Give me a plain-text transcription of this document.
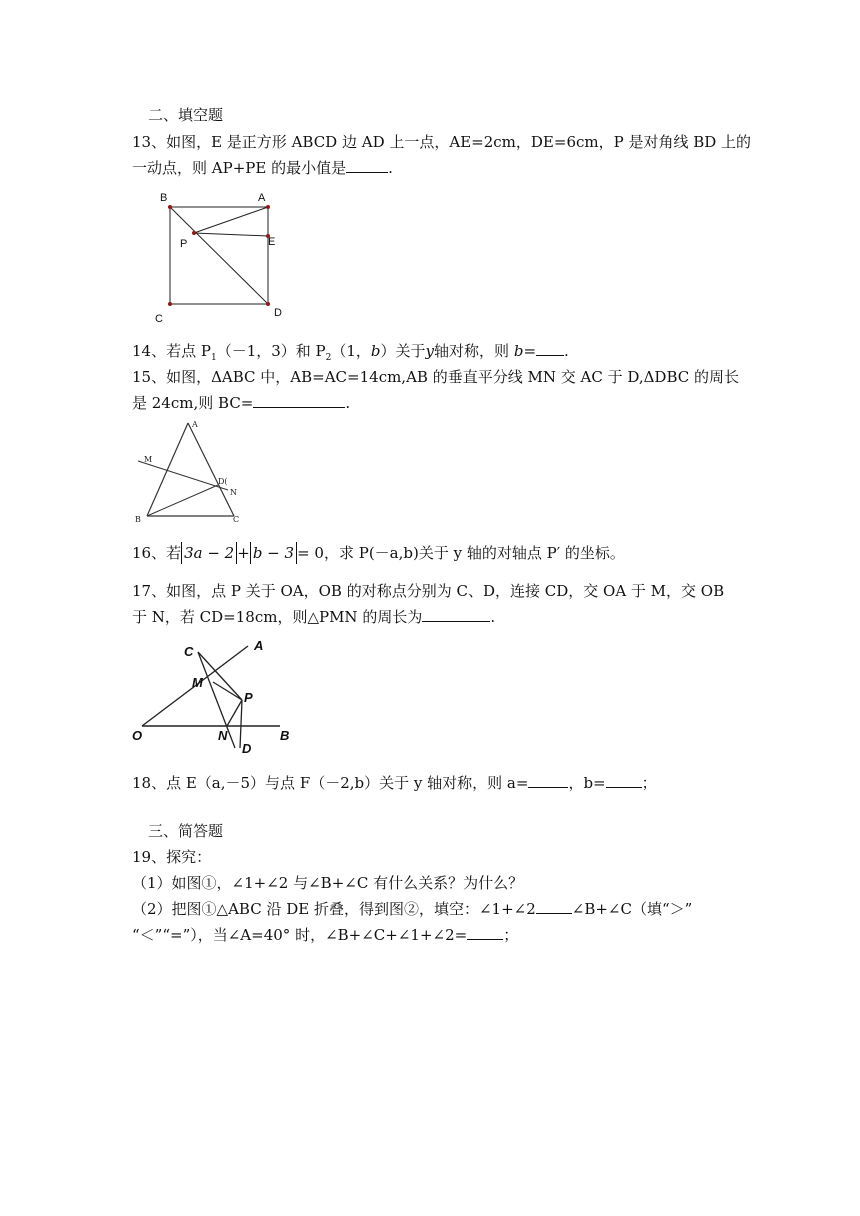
二、填空题
13、如图，E 是正方形 ABCD 边 AD 上一点，AE=2cm，DE=6cm，P 是对角线 BD 上的
一动点，则 AP+PE 的最小值是	.
B	A
P	E
C	D
14、若点 $P_1(-1$，3）和 $P_2(1$，b）关于y轴对称，则 b= .
15、如图，ΔABC 中，AB=AC=14cm,AB 的垂直平分线 MN 交 AC 于 D,ΔDBC 的周长
是 24cm,则 BC=	.
A
M
D(
N
B	C
16、若 3a − 2 + b − 3 = 0，求 P(－a,b)关于 y 轴的对轴点 P′ 的坐标。
17、如图，点 P 关于 OA，OB 的对称点分别为 C、D，连接 CD，交 OA 于 M，交 OB
于 N，若 CD=18cm，则△PMN 的周长为	.
C	A
M
P
O	N
D
B
18、点 E（a,－5）与点 F（－2,b）关于 y 轴对称，则 a=	，b= ；
三、简答题
19、探究：
（1）如图①，∠1+∠2 与∠B+∠C 有什么关系？为什么？
（2）把图①△ABC 沿 DE 折叠，得到图②，填空：∠1+∠2 ∠B+∠C（填“＞”
“＜”“=”），当∠A=40° 时，∠B+∠C+∠1+∠2= ；
